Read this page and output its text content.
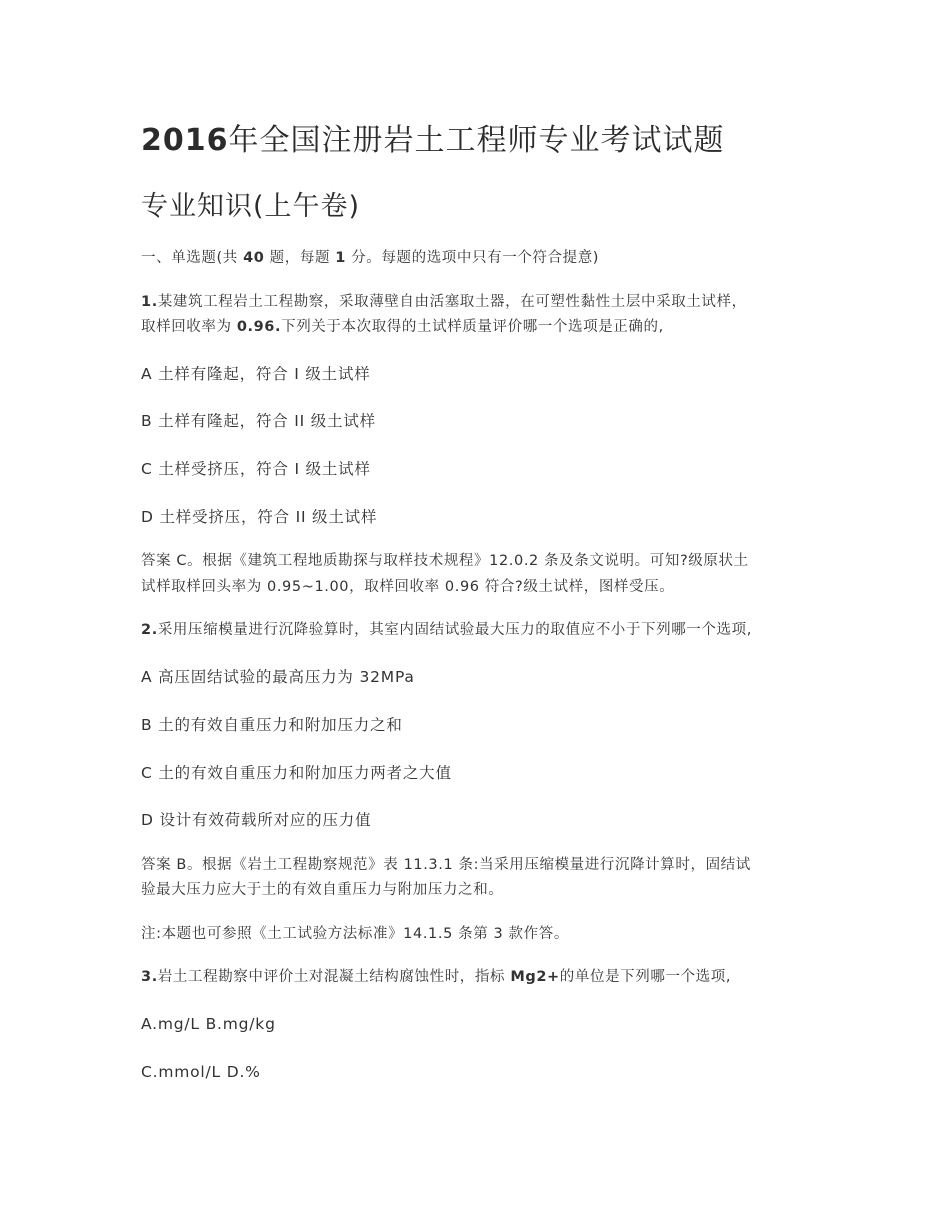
2016年全国注册岩土工程师专业考试试题
专业知识(上午卷)
一、单选题(共 40 题，每题 1 分。每题的选项中只有一个符合提意)
1.某建筑工程岩土工程勘察，采取薄壁自由活塞取土器，在可塑性黏性土层中采取土试样，
取样回收率为 0.96.下列关于本次取得的土试样质量评价哪一个选项是正确的,
A 土样有隆起，符合 I 级土试样
B 土样有隆起，符合 II 级土试样
C 土样受挤压，符合 I 级土试样
D 土样受挤压，符合 II 级土试样
答案 C。根据《建筑工程地质勘探与取样技术规程》12.0.2 条及条文说明。可知?级原状土
试样取样回头率为 0.95~1.00，取样回收率 0.96 符合?级土试样，图样受压。
2.采用压缩模量进行沉降验算时，其室内固结试验最大压力的取值应不小于下列哪一个选项,
A 高压固结试验的最高压力为 32MPa
B 土的有效自重压力和附加压力之和
C 土的有效自重压力和附加压力两者之大值
D 设计有效荷载所对应的压力值
答案 B。根据《岩土工程勘察规范》表 11.3.1 条:当采用压缩模量进行沉降计算时，固结试
验最大压力应大于土的有效自重压力与附加压力之和。
注:本题也可参照《土工试验方法标准》14.1.5 条第 3 款作答。
3.岩土工程勘察中评价土对混凝土结构腐蚀性时，指标 Mg2+的单位是下列哪一个选项,
A.mg/L B.mg/kg
C.mmol/L D.%
